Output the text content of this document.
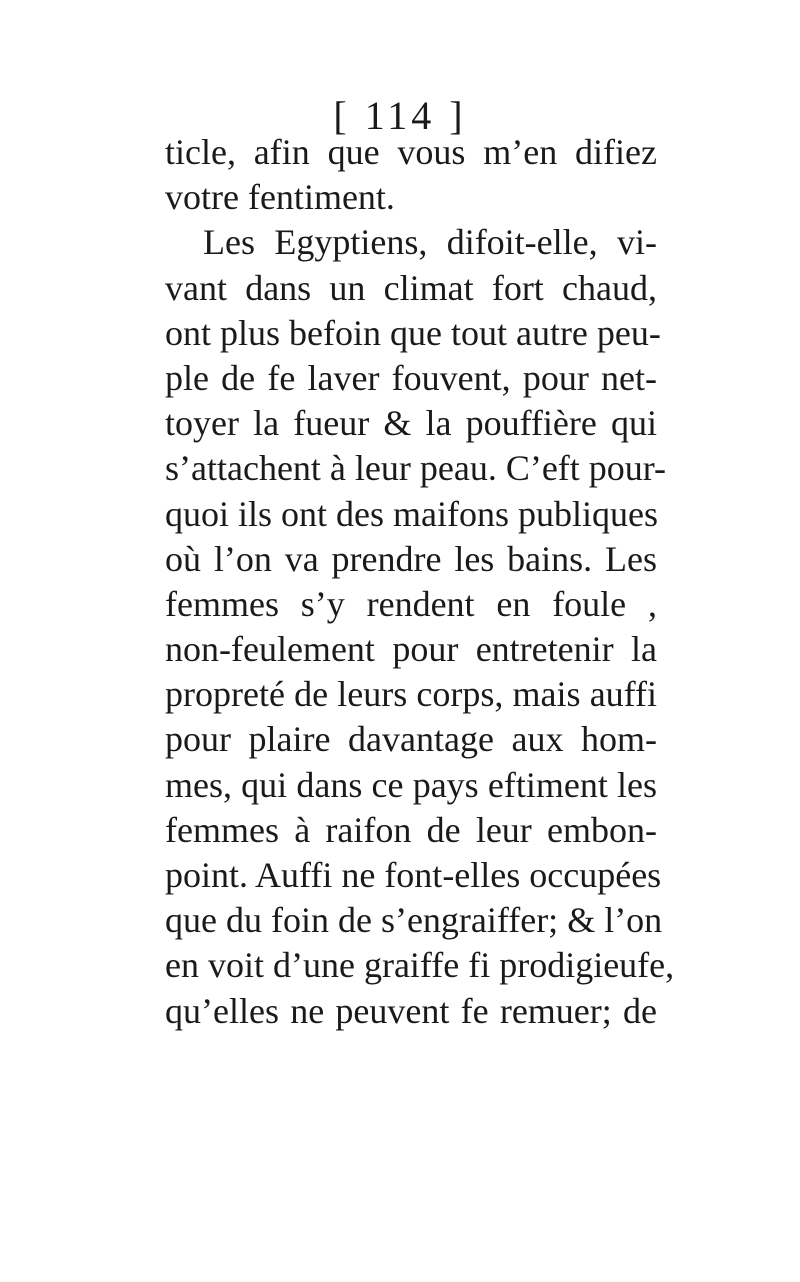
[ 114 ]
ticle, afin que vous m’en difiez
votre fentiment.
Les Egyptiens, difoit-elle, vi-
vant dans un climat fort chaud,
ont plus befoin que tout autre peu-
ple de fe laver fouvent, pour net-
toyer la fueur & la pouffière qui
s’attachent à leur peau. C’eft pour-
quoi ils ont des maifons publiques
où l’on va prendre les bains. Les
femmes s’y rendent en foule ,
non-feulement pour entretenir la
propreté de leurs corps, mais auffi
pour plaire davantage aux hom-
mes, qui dans ce pays eftiment les
femmes à raifon de leur embon-
point. Auffi ne font-elles occupées
que du foin de s’engraiffer; & l’on
en voit d’une graiffe fi prodigieufe,
qu’elles ne peuvent fe remuer; de
